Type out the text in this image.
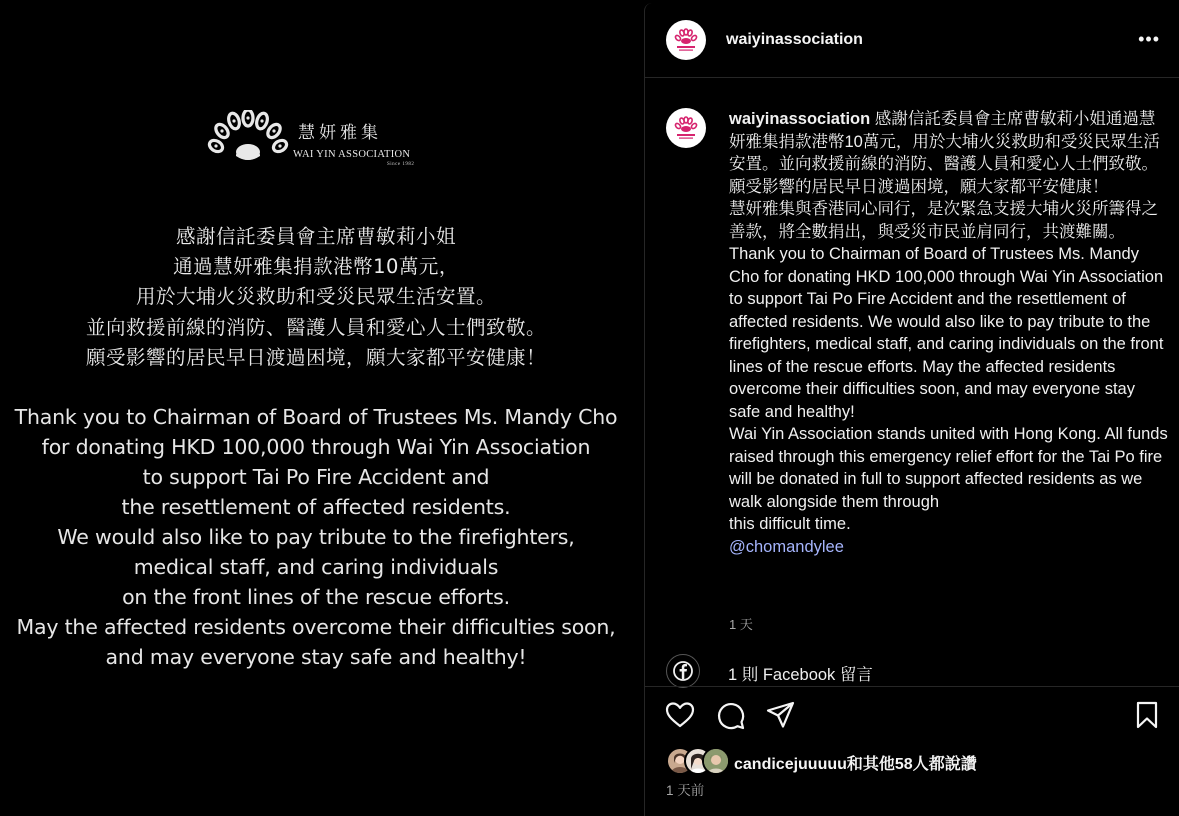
慧妍雅集
WAI YIN ASSOCIATION
Since 1982
感謝信託委員會主席曹敏莉小姐
通過慧妍雅集捐款港幣10萬元，
用於大埔火災救助和受災民眾生活安置。
並向救援前線的消防、醫護人員和愛心人士們致敬。
願受影響的居民早日渡過困境，願大家都平安健康！
Thank you to Chairman of Board of Trustees Ms. Mandy Cho
for donating HKD 100,000 through Wai Yin Association
to support Tai Po Fire Accident and
the resettlement of affected residents.
We would also like to pay tribute to the firefighters,
medical staff, and caring individuals
on the front lines of the rescue efforts.
May the affected residents overcome their difficulties soon,
and may everyone stay safe and healthy!
waiyinassociation	•••

waiyinassociation 感謝信託委員會主席曹敏莉小姐通過慧妍雅集捐款港幣10萬元，用於大埔火災救助和受災民眾生活安置。並向救援前線的消防、醫護人員和愛心人士們致敬。願受影響的居民早日渡過困境，願大家都平安健康！

慧妍雅集與香港同心同行，是次緊急支援大埔火災所籌得之善款，將全數捐出，與受災市民並肩同行，共渡難關。

Thank you to Chairman of Board of Trustees Ms. Mandy Cho for donating HKD 100,000 through Wai Yin Association to support Tai Po Fire Accident and the resettlement of affected residents. We would also like to pay tribute to the firefighters, medical staff, and caring individuals on the front lines of the rescue efforts. May the affected residents overcome their difficulties soon, and may everyone stay safe and healthy!

Wai Yin Association stands united with Hong Kong. All funds raised through this emergency relief effort for the Tai Po fire will be donated in full to support affected residents as we walk alongside them through

this difficult time.

@chomandylee

1 天
1 則 Facebook 留言
candicejuuuuu和其他58人都說讚
1 天前
